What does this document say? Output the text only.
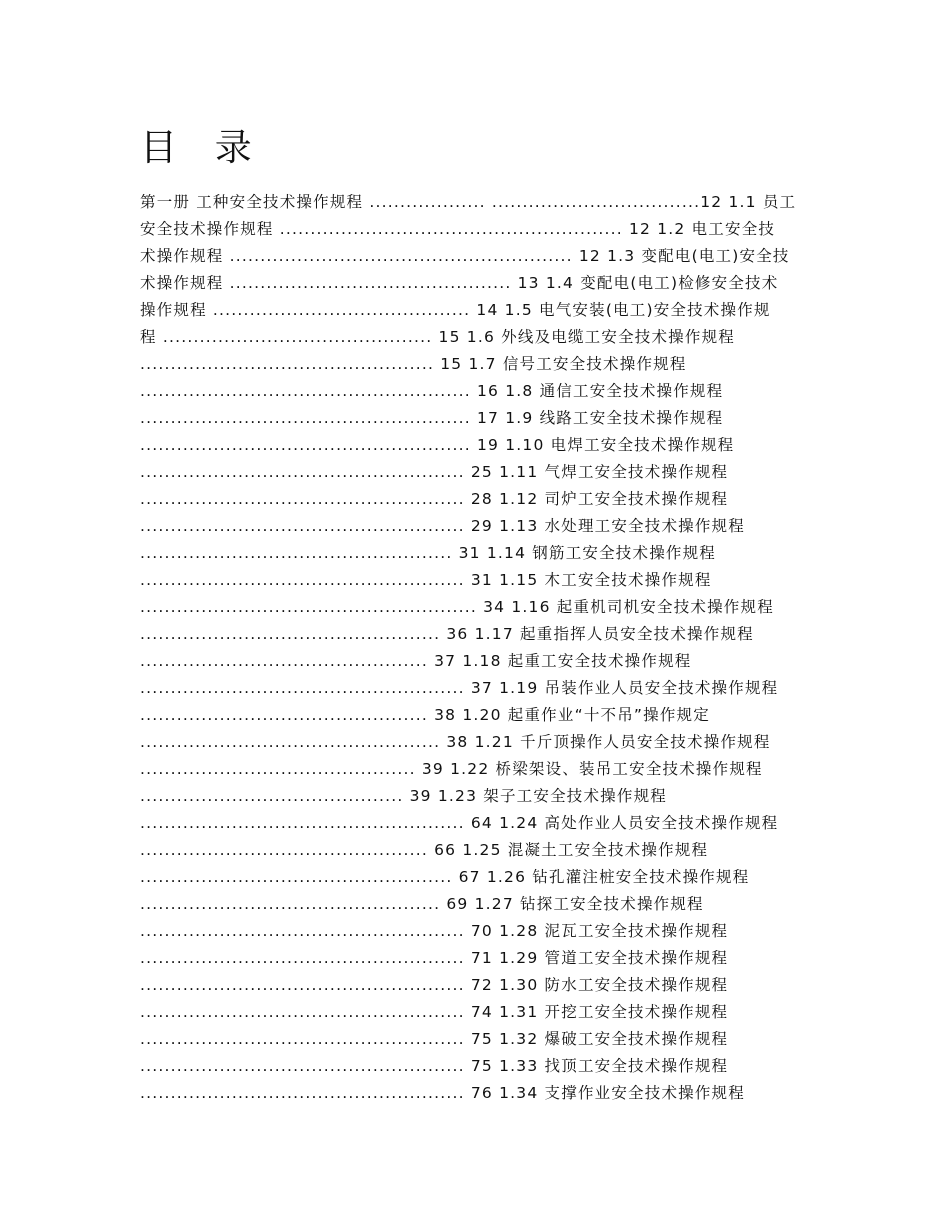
目 录
第一册 工种安全技术操作规程 ................... ..................................12 1.1 员工
安全技术操作规程 ........................................................ 12 1.2 电工安全技
术操作规程 ........................................................ 12 1.3 变配电(电工)安全技
术操作规程 .............................................. 13 1.4 变配电(电工)检修安全技术
操作规程 .......................................... 14 1.5 电气安装(电工)安全技术操作规
程 ............................................ 15 1.6 外线及电缆工安全技术操作规程
................................................ 15 1.7 信号工安全技术操作规程
...................................................... 16 1.8 通信工安全技术操作规程
...................................................... 17 1.9 线路工安全技术操作规程
...................................................... 19 1.10 电焊工安全技术操作规程
..................................................... 25 1.11 气焊工安全技术操作规程
..................................................... 28 1.12 司炉工安全技术操作规程
..................................................... 29 1.13 水处理工安全技术操作规程
................................................... 31 1.14 钢筋工安全技术操作规程
..................................................... 31 1.15 木工安全技术操作规程
....................................................... 34 1.16 起重机司机安全技术操作规程
................................................. 36 1.17 起重指挥人员安全技术操作规程
............................................... 37 1.18 起重工安全技术操作规程
..................................................... 37 1.19 吊装作业人员安全技术操作规程
............................................... 38 1.20 起重作业“十不吊”操作规定
................................................. 38 1.21 千斤顶操作人员安全技术操作规程
............................................. 39 1.22 桥梁架设、装吊工安全技术操作规程
........................................... 39 1.23 架子工安全技术操作规程
..................................................... 64 1.24 高处作业人员安全技术操作规程
............................................... 66 1.25 混凝土工安全技术操作规程
................................................... 67 1.26 钻孔灌注桩安全技术操作规程
................................................. 69 1.27 钻探工安全技术操作规程
..................................................... 70 1.28 泥瓦工安全技术操作规程
..................................................... 71 1.29 管道工安全技术操作规程
..................................................... 72 1.30 防水工安全技术操作规程
..................................................... 74 1.31 开挖工安全技术操作规程
..................................................... 75 1.32 爆破工安全技术操作规程
..................................................... 75 1.33 找顶工安全技术操作规程
..................................................... 76 1.34 支撑作业安全技术操作规程
